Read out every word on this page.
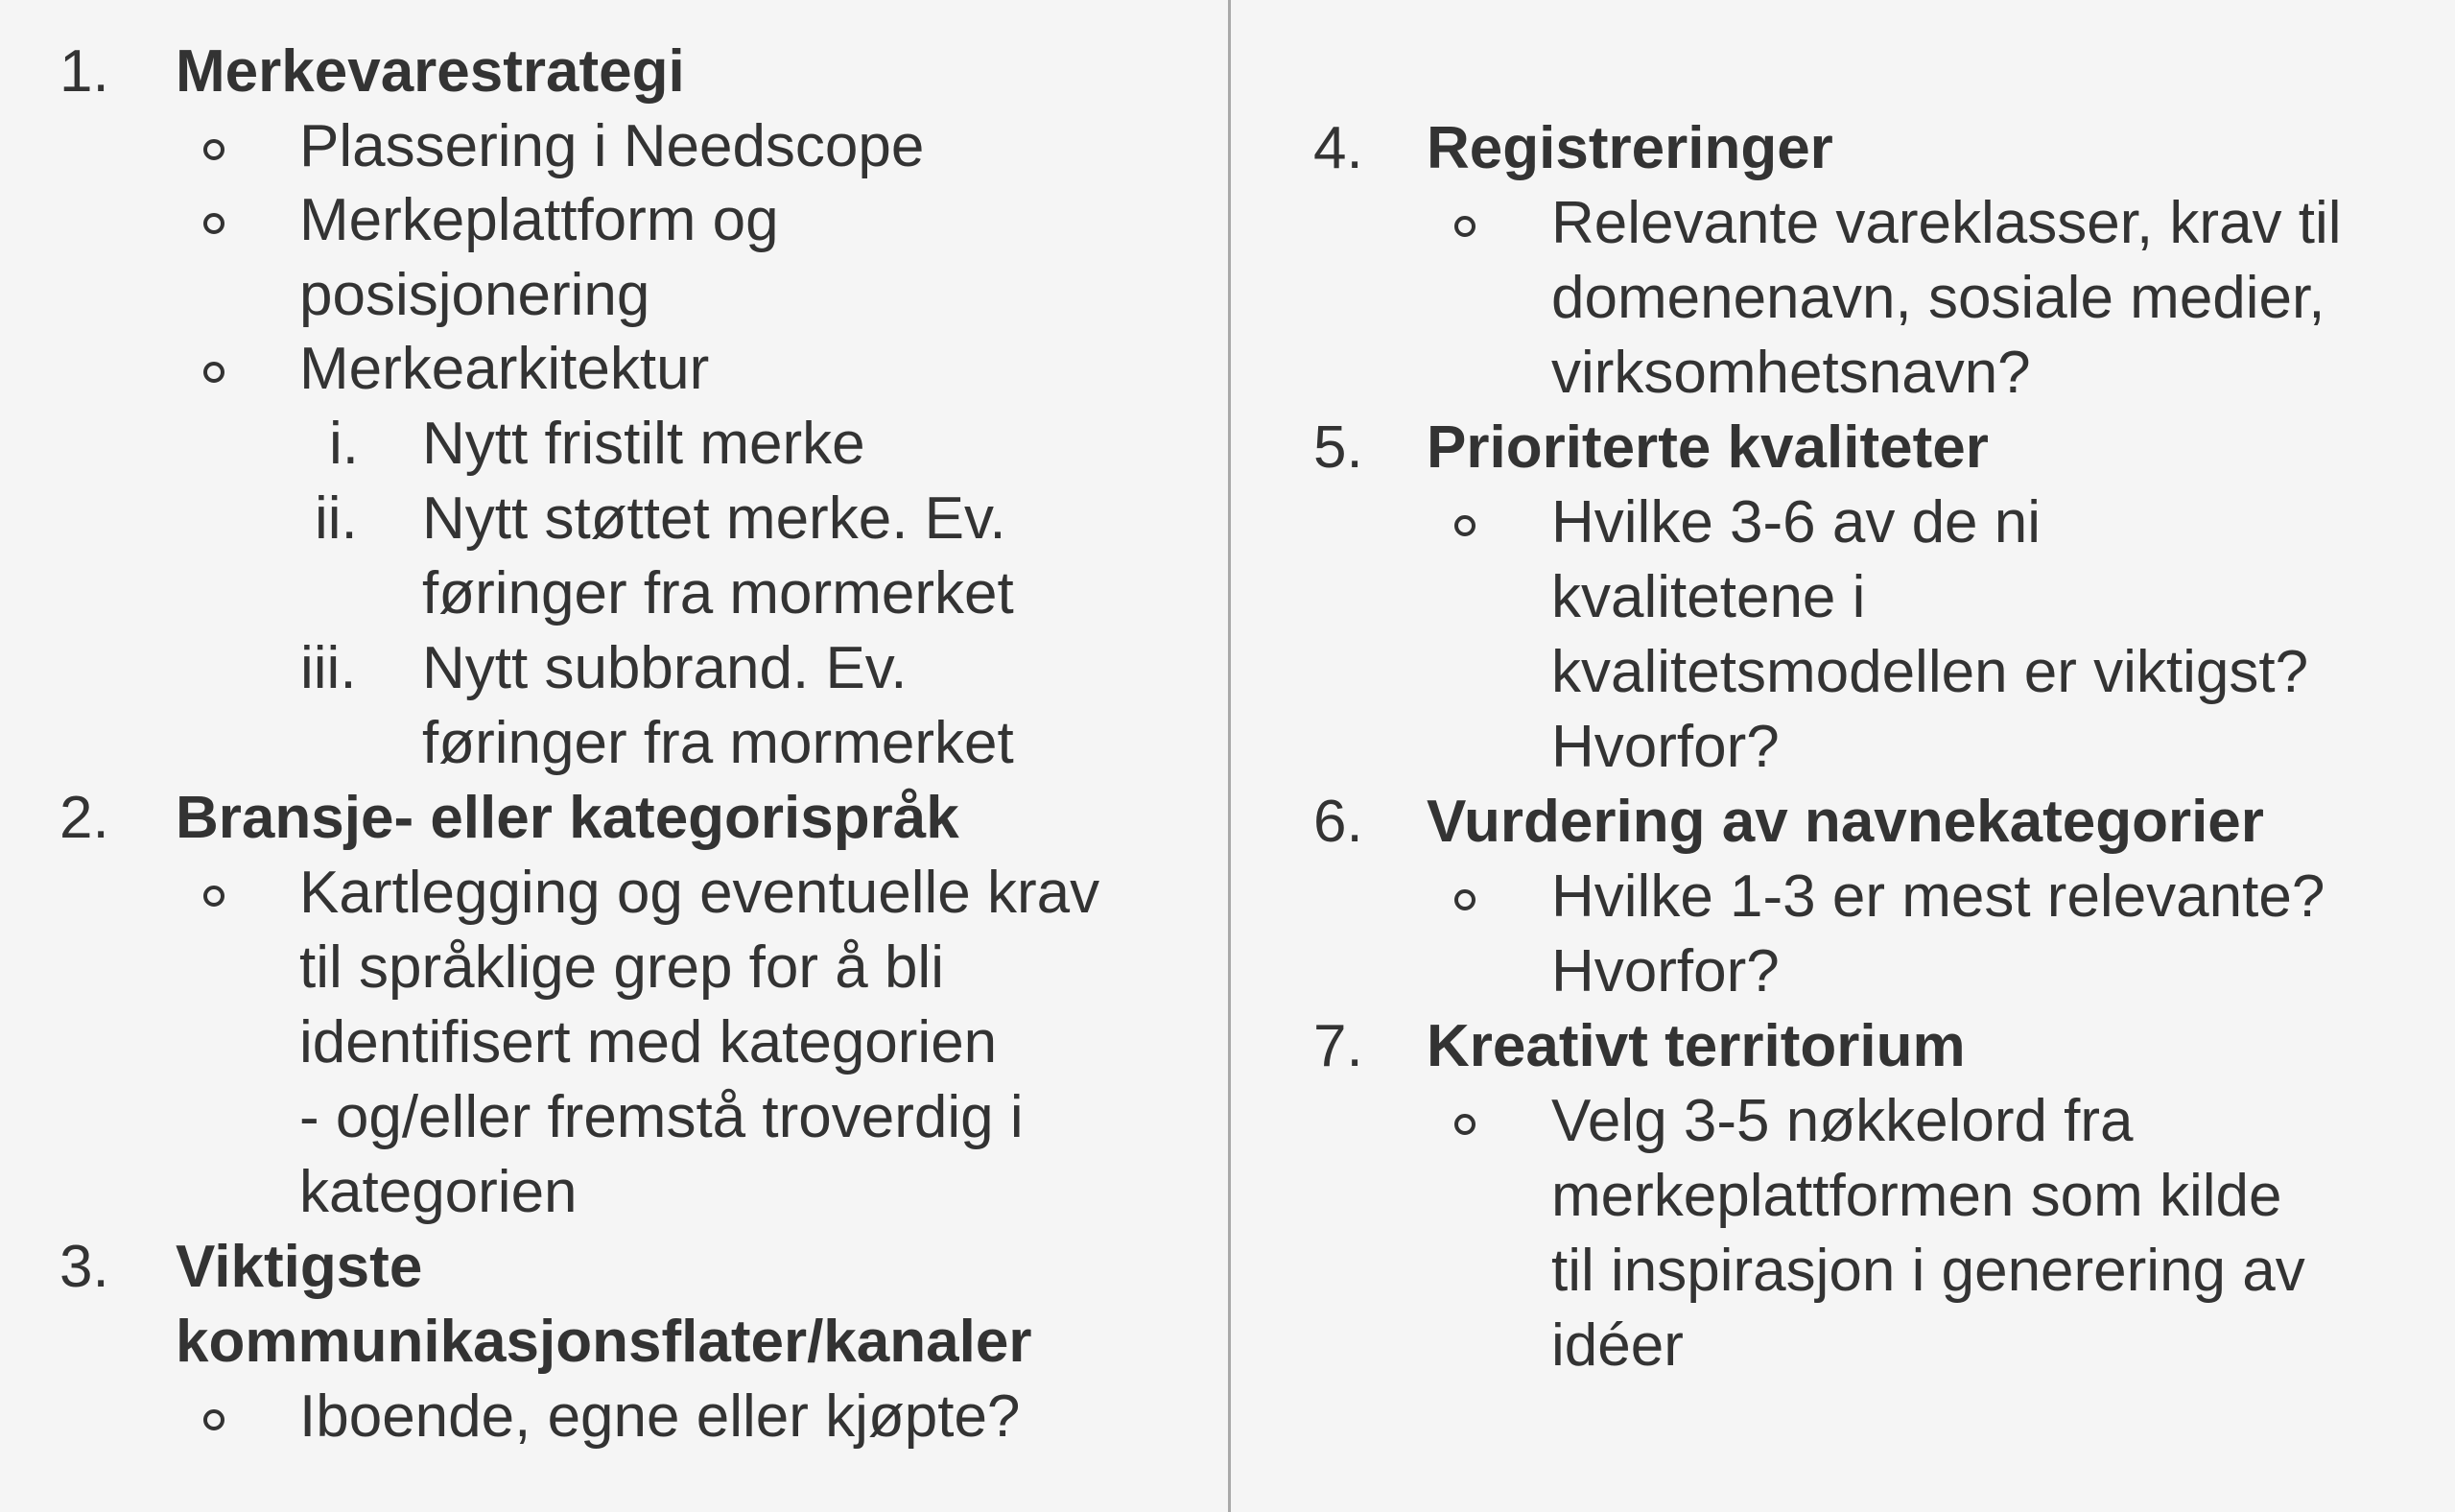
1. Merkevarestrategi
Plassering i Needscope
Merkeplattform og
posisjonering
Merkearkitektur
i. Nytt fristilt merke
ii. Nytt støttet merke. Ev.
føringer fra mormerket
iii. Nytt subbrand. Ev.
føringer fra mormerket
2. Bransje- eller kategorispråk
Kartlegging og eventuelle krav
til språklige grep for å bli
identifisert med kategorien
- og/eller fremstå troverdig i
kategorien
3. Viktigste
kommunikasjonsflater/kanaler
Iboende, egne eller kjøpte?
4. Registreringer
Relevante vareklasser, krav til
domenenavn, sosiale medier,
virksomhetsnavn?
5. Prioriterte kvaliteter
Hvilke 3-6 av de ni
kvalitetene i
kvalitetsmodellen er viktigst?
Hvorfor?
6. Vurdering av navnekategorier
Hvilke 1-3 er mest relevante?
Hvorfor?
7. Kreativt territorium
Velg 3-5 nøkkelord fra
merkeplattformen som kilde
til inspirasjon i generering av
idéer
